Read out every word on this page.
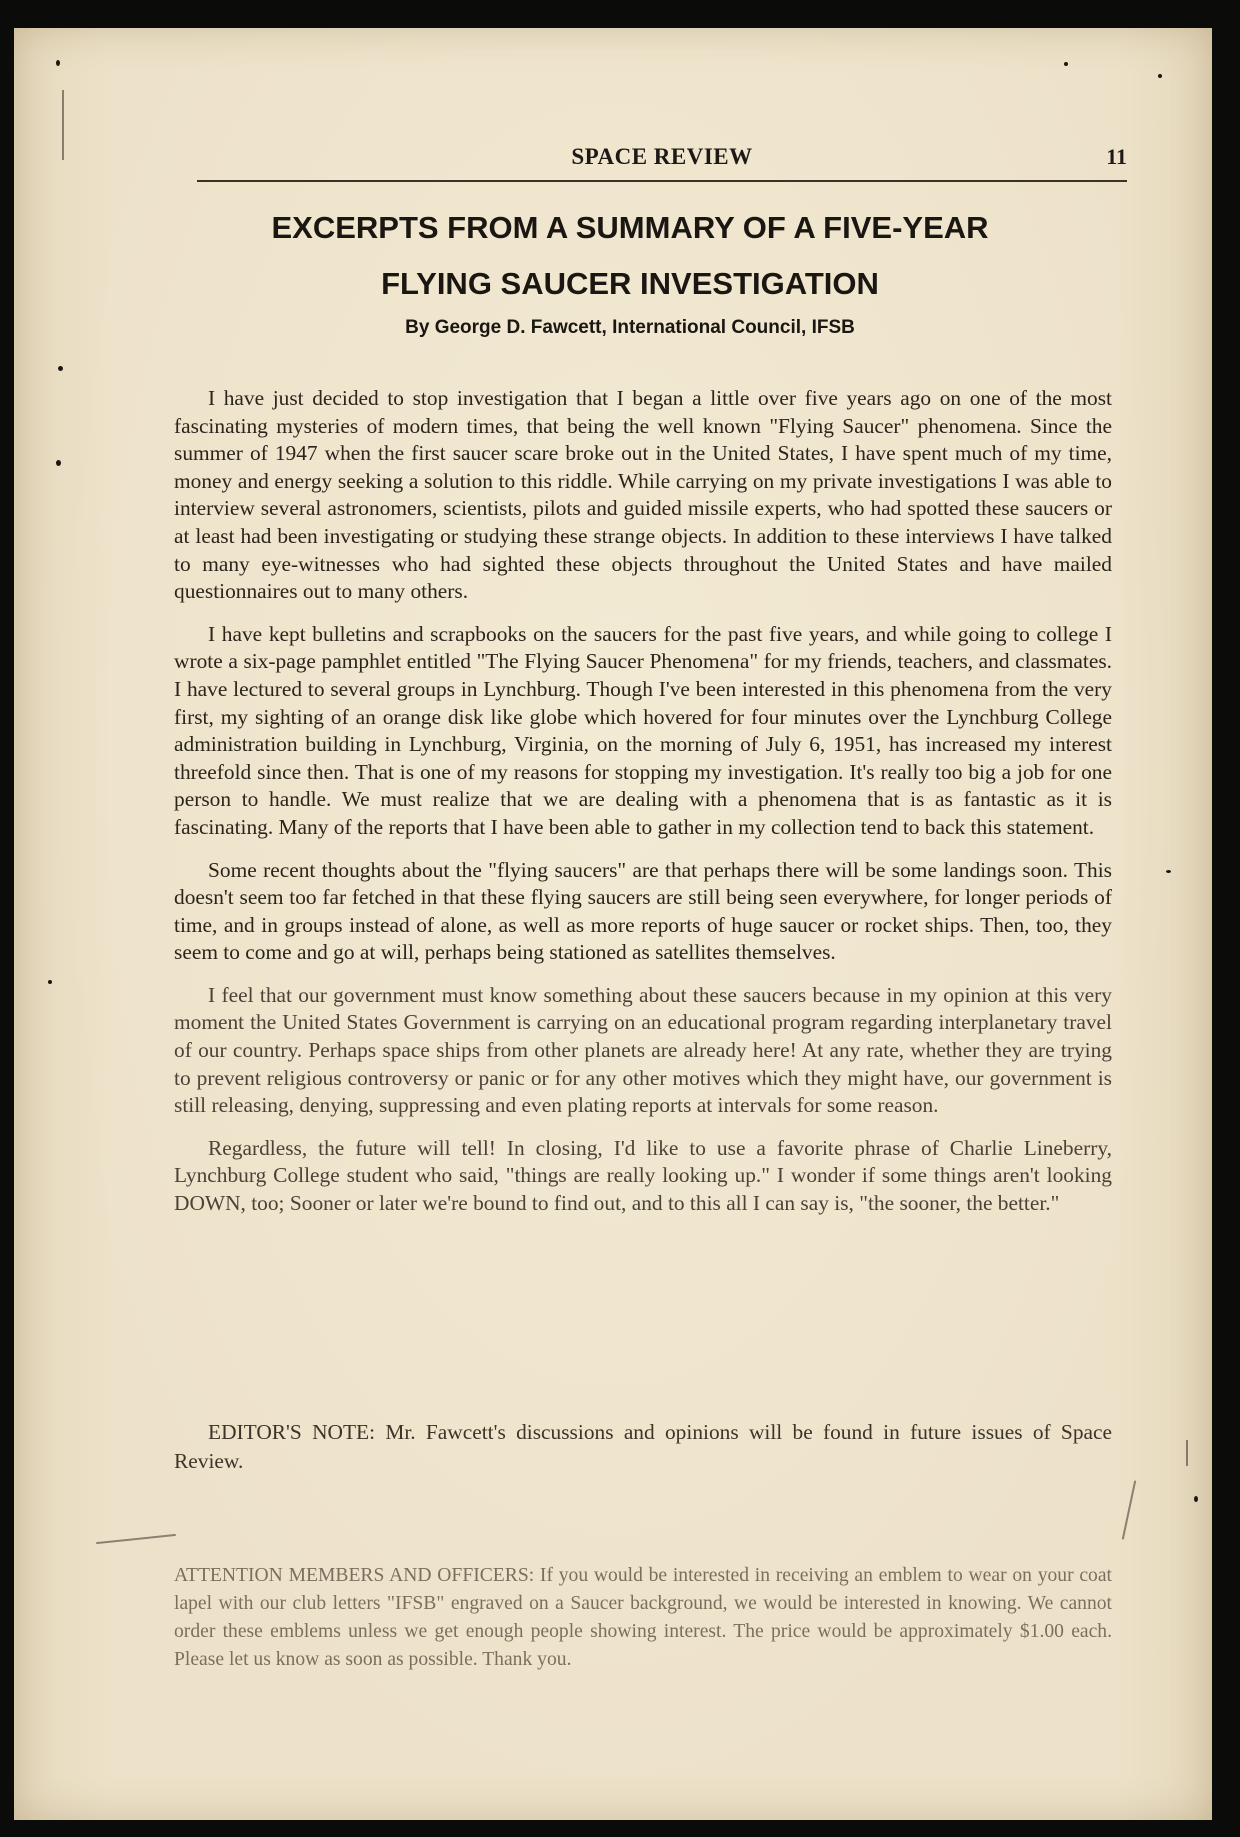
SPACE REVIEW	11
EXCERPTS FROM A SUMMARY OF A FIVE-YEAR
FLYING SAUCER INVESTIGATION
By George D. Fawcett, International Council, IFSB

I have just decided to stop investigation that I began a little over five years ago on one of the most fascinating mysteries of modern times, that being the well known "Flying Saucer" phenomena. Since the summer of 1947 when the first saucer scare broke out in the United States, I have spent much of my time, money and energy seeking a solution to this riddle. While carrying on my private investigations I was able to interview several astronomers, scientists, pilots and guided missile experts, who had spotted these saucers or at least had been investigating or studying these strange objects. In addition to these interviews I have talked to many eye-witnesses who had sighted these objects throughout the United States and have mailed questionnaires out to many others.

I have kept bulletins and scrapbooks on the saucers for the past five years, and while going to college I wrote a six-page pamphlet entitled "The Flying Saucer Phenomena" for my friends, teachers, and classmates. I have lectured to several groups in Lynchburg. Though I've been interested in this phenomena from the very first, my sighting of an orange disk like globe which hovered for four minutes over the Lynchburg College administration building in Lynchburg, Virginia, on the morning of July 6, 1951, has increased my interest threefold since then. That is one of my reasons for stopping my investigation. It's really too big a job for one person to handle. We must realize that we are dealing with a phenomena that is as fantastic as it is fascinating. Many of the reports that I have been able to gather in my collection tend to back this statement.

Some recent thoughts about the "flying saucers" are that perhaps there will be some landings soon. This doesn't seem too far fetched in that these flying saucers are still being seen everywhere, for longer periods of time, and in groups instead of alone, as well as more reports of huge saucer or rocket ships. Then, too, they seem to come and go at will, perhaps being stationed as satellites themselves.

I feel that our government must know something about these saucers because in my opinion at this very moment the United States Government is carrying on an educational program regarding interplanetary travel of our country. Perhaps space ships from other planets are already here! At any rate, whether they are trying to prevent religious controversy or panic or for any other motives which they might have, our government is still releasing, denying, suppressing and even plating reports at intervals for some reason.

Regardless, the future will tell! In closing, I'd like to use a favorite phrase of Charlie Lineberry, Lynchburg College student who said, "things are really looking up." I wonder if some things aren't looking DOWN, too; Sooner or later we're bound to find out, and to this all I can say is, "the sooner, the better."

EDITOR'S NOTE: Mr. Fawcett's discussions and opinions will be found in future issues of Space Review.

ATTENTION MEMBERS AND OFFICERS: If you would be interested in receiving an emblem to wear on your coat lapel with our club letters "IFSB" engraved on a Saucer background, we would be interested in knowing. We cannot order these emblems unless we get enough people showing interest. The price would be approximately $1.00 each. Please let us know as soon as possible. Thank you.
